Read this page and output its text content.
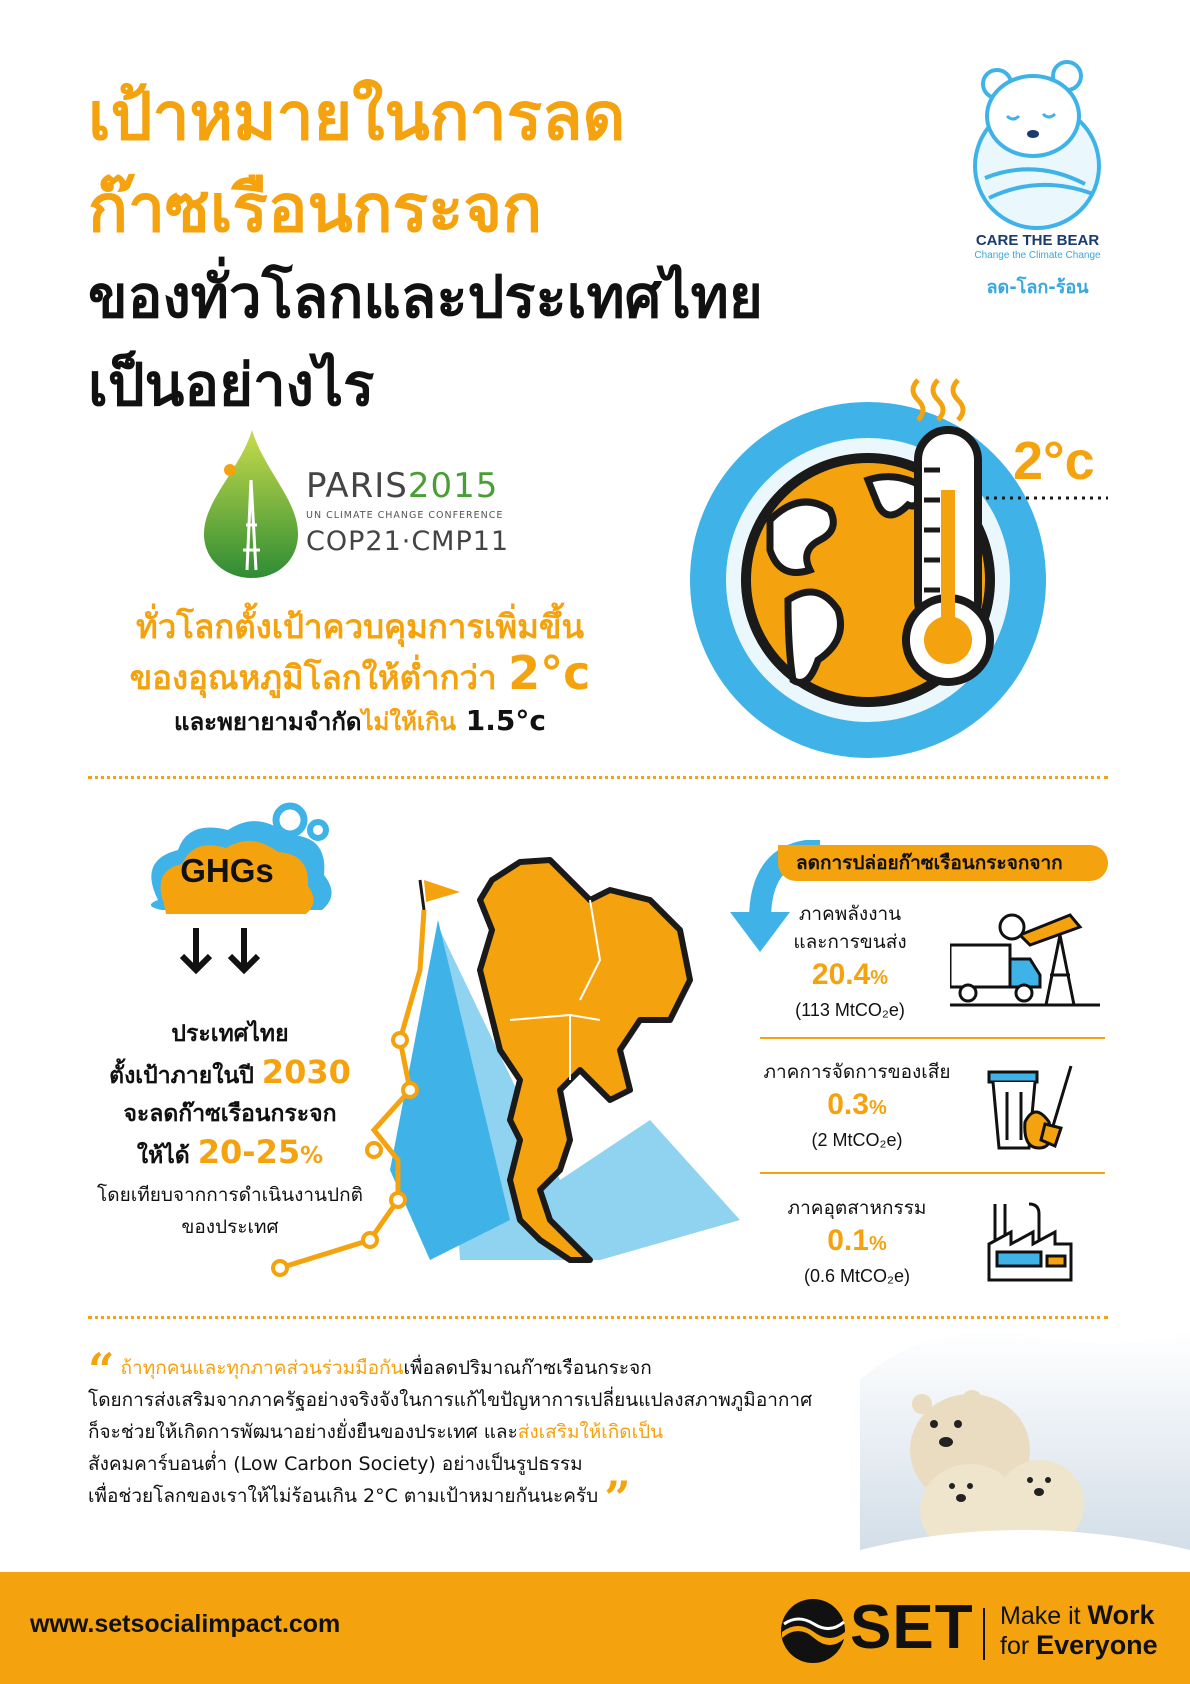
เป้าหมายในการลด
ก๊าซเรือนกระจก
ของทั่วโลกและประเทศไทย
เป็นอย่างไร
CARE THE BEAR
Change the Climate Change
ลด-โลก-ร้อน
PARIS2015
UN CLIMATE CHANGE CONFERENCE
COP21·CMP11
ทั่วโลกตั้งเป้าควบคุมการเพิ่มขึ้น
ของอุณหภูมิโลกให้ต่ำกว่า 2°c
และพยายามจำกัดไม่ให้เกิน 1.5°c
2°c
GHGs
ประเทศไทย
ตั้งเป้าภายในปี 2030
จะลดก๊าซเรือนกระจก
ให้ได้ 20-25%
โดยเทียบจากการดำเนินงานปกติ
ของประเทศ
ลดการปล่อยก๊าซเรือนกระจกจาก
ภาคพลังงาน
และการขนส่ง
20.4%
(113 MtCO₂e)
ภาคการจัดการของเสีย
0.3%
(2 MtCO₂e)
ภาคอุตสาหกรรม
0.1%
(0.6 MtCO₂e)
“ ถ้าทุกคนและทุกภาคส่วนร่วมมือกันเพื่อลดปริมาณก๊าซเรือนกระจก
โดยการส่งเสริมจากภาครัฐอย่างจริงจังในการแก้ไขปัญหาการเปลี่ยนแปลงสภาพภูมิอากาศ
ก็จะช่วยให้เกิดการพัฒนาอย่างยั่งยืนของประเทศ และส่งเสริมให้เกิดเป็น
สังคมคาร์บอนต่ำ (Low Carbon Society) อย่างเป็นรูปธรรม
เพื่อช่วยโลกของเราให้ไม่ร้อนเกิน 2°C ตามเป้าหมายกันนะครับ ”
www.setsocialimpact.com	SET Make it Work
for Everyone
